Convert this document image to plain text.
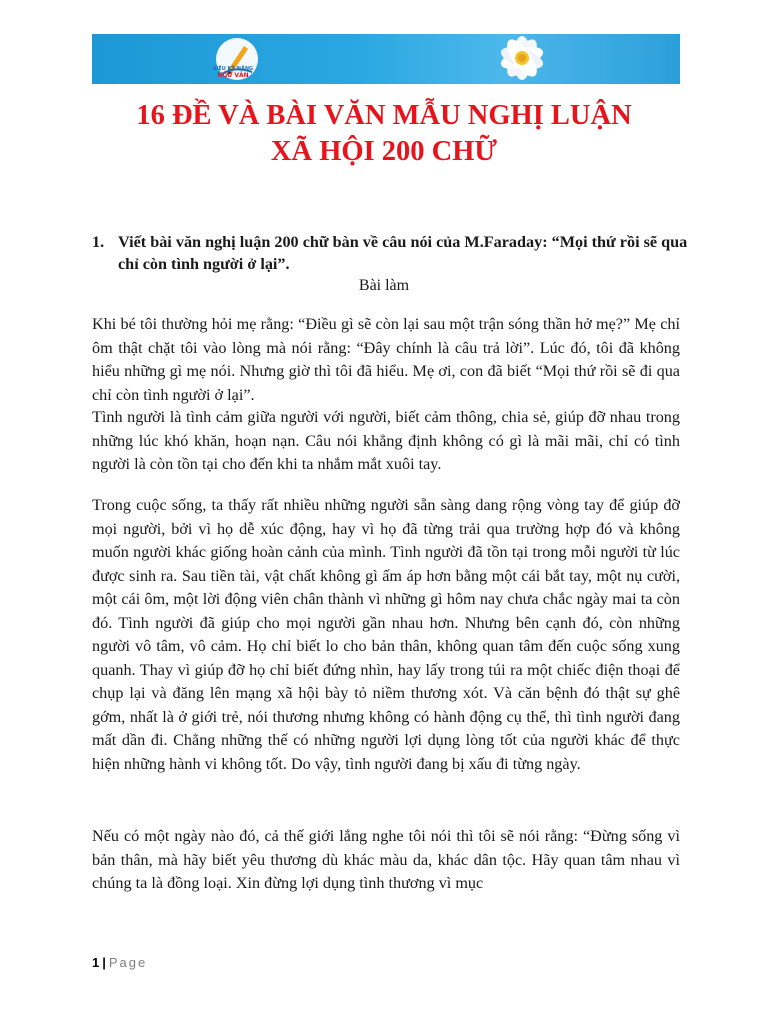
SIÊU KỸ NĂNG
NGỮ VĂN
16 ĐỀ VÀ BÀI VĂN MẪU NGHỊ LUẬN
XÃ HỘI 200 CHỮ
1. Viết bài văn nghị luận 200 chữ bàn về câu nói của M.Faraday: “Mọi thứ rồi sẽ qua chỉ còn tình người ở lại”.
Bài làm

Khi bé tôi thường hỏi mẹ rằng: “Điều gì sẽ còn lại sau một trận sóng thần hở mẹ?” Mẹ chỉ ôm thật chặt tôi vào lòng mà nói rằng: “Đây chính là câu trả lời”. Lúc đó, tôi đã không hiểu những gì mẹ nói. Nhưng giờ thì tôi đã hiểu. Mẹ ơi, con đã biết “Mọi thứ rồi sẽ đi qua chỉ còn tình người ở lại”.

Tình người là tình cảm giữa người với người, biết cảm thông, chia sẻ, giúp đỡ nhau trong những lúc khó khăn, hoạn nạn. Câu nói khẳng định không có gì là mãi mãi, chỉ có tình người là còn tồn tại cho đến khi ta nhắm mắt xuôi tay.

Trong cuộc sống, ta thấy rất nhiều những người sẵn sàng dang rộng vòng tay để giúp đỡ mọi người, bởi vì họ dễ xúc động, hay vì họ đã từng trải qua trường hợp đó và không muốn người khác giống hoàn cảnh của mình. Tình người đã tồn tại trong mỗi người từ lúc được sinh ra. Sau tiền tài, vật chất không gì ấm áp hơn bằng một cái bắt tay, một nụ cười, một cái ôm, một lời động viên chân thành vì những gì hôm nay chưa chắc ngày mai ta còn đó. Tình người đã giúp cho mọi người gần nhau hơn. Nhưng bên cạnh đó, còn những người vô tâm, vô cảm. Họ chỉ biết lo cho bản thân, không quan tâm đến cuộc sống xung quanh. Thay vì giúp đỡ họ chỉ biết đứng nhìn, hay lấy trong túi ra một chiếc điện thoại để chụp lại và đăng lên mạng xã hội bày tỏ niềm thương xót. Và căn bệnh đó thật sự ghê gớm, nhất là ở giới trẻ, nói thương nhưng không có hành động cụ thể, thì tình người đang mất dần đi. Chẳng những thế có những người lợi dụng lòng tốt của người khác để thực hiện những hành vi không tốt. Do vậy, tình người đang bị xấu đi từng ngày.

Nếu có một ngày nào đó, cả thế giới lắng nghe tôi nói thì tôi sẽ nói rằng: “Đừng sống vì bản thân, mà hãy biết yêu thương dù khác màu da, khác dân tộc. Hãy quan tâm nhau vì chúng ta là đồng loại. Xin đừng lợi dụng tình thương vì mục

1 | Page
